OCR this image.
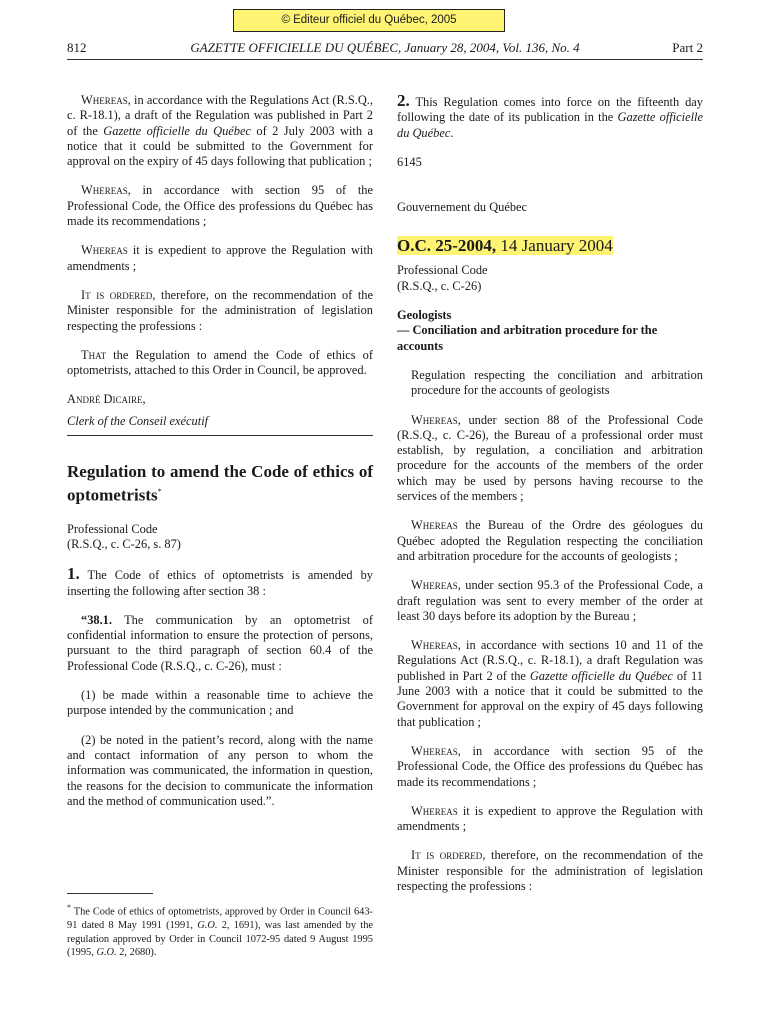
© Editeur officiel du Québec, 2005
812	GAZETTE OFFICIELLE DU QUÉBEC, January 28, 2004, Vol. 136, No. 4	Part 2

Whereas, in accordance with the Regulations Act (R.S.Q., c. R-18.1), a draft of the Regulation was published in Part 2 of the Gazette officielle du Québec of 2 July 2003 with a notice that it could be submitted to the Government for approval on the expiry of 45 days following that publication ;

Whereas, in accordance with section 95 of the Professional Code, the Office des professions du Québec has made its recommendations ;

Whereas it is expedient to approve the Regulation with amendments ;

It is ordered, therefore, on the recommendation of the Minister responsible for the administration of legislation respecting the professions :

That the Regulation to amend the Code of ethics of optometrists, attached to this Order in Council, be approved.

André Dicaire,
Clerk of the Conseil exécutif
Regulation to amend the Code of ethics of optometrists*

Professional Code
(R.S.Q., c. C-26, s. 87)

1. The Code of ethics of optometrists is amended by inserting the following after section 38 :

“38.1. The communication by an optometrist of confidential information to ensure the protection of persons, pursuant to the third paragraph of section 60.4 of the Professional Code (R.S.Q., c. C-26), must :

(1) be made within a reasonable time to achieve the purpose intended by the communication ; and

(2) be noted in the patient’s record, along with the name and contact information of any person to whom the information was communicated, the information in question, the reasons for the decision to communicate the information and the method of communication used.”.

* The Code of ethics of optometrists, approved by Order in Council 643-91 dated 8 May 1991 (1991, G.O. 2, 1691), was last amended by the regulation approved by Order in Council 1072-95 dated 9 August 1995 (1995, G.O. 2, 2680).

2. This Regulation comes into force on the fifteenth day following the date of its publication in the Gazette officielle du Québec.

6145

Gouvernement du Québec

O.C. 25-2004, 14 January 2004

Professional Code
(R.S.Q., c. C-26)

Geologists
— Conciliation and arbitration procedure for the accounts

Regulation respecting the conciliation and arbitration procedure for the accounts of geologists

Whereas, under section 88 of the Professional Code (R.S.Q., c. C-26), the Bureau of a professional order must establish, by regulation, a conciliation and arbitration procedure for the accounts of the members of the order which may be used by persons having recourse to the services of the members ;

Whereas the Bureau of the Ordre des géologues du Québec adopted the Regulation respecting the conciliation and arbitration procedure for the accounts of geologists ;

Whereas, under section 95.3 of the Professional Code, a draft regulation was sent to every member of the order at least 30 days before its adoption by the Bureau ;

Whereas, in accordance with sections 10 and 11 of the Regulations Act (R.S.Q., c. R-18.1), a draft Regulation was published in Part 2 of the Gazette officielle du Québec of 11 June 2003 with a notice that it could be submitted to the Government for approval on the expiry of 45 days following that publication ;

Whereas, in accordance with section 95 of the Professional Code, the Office des professions du Québec has made its recommendations ;

Whereas it is expedient to approve the Regulation with amendments ;

It is ordered, therefore, on the recommendation of the Minister responsible for the administration of legislation respecting the professions :
